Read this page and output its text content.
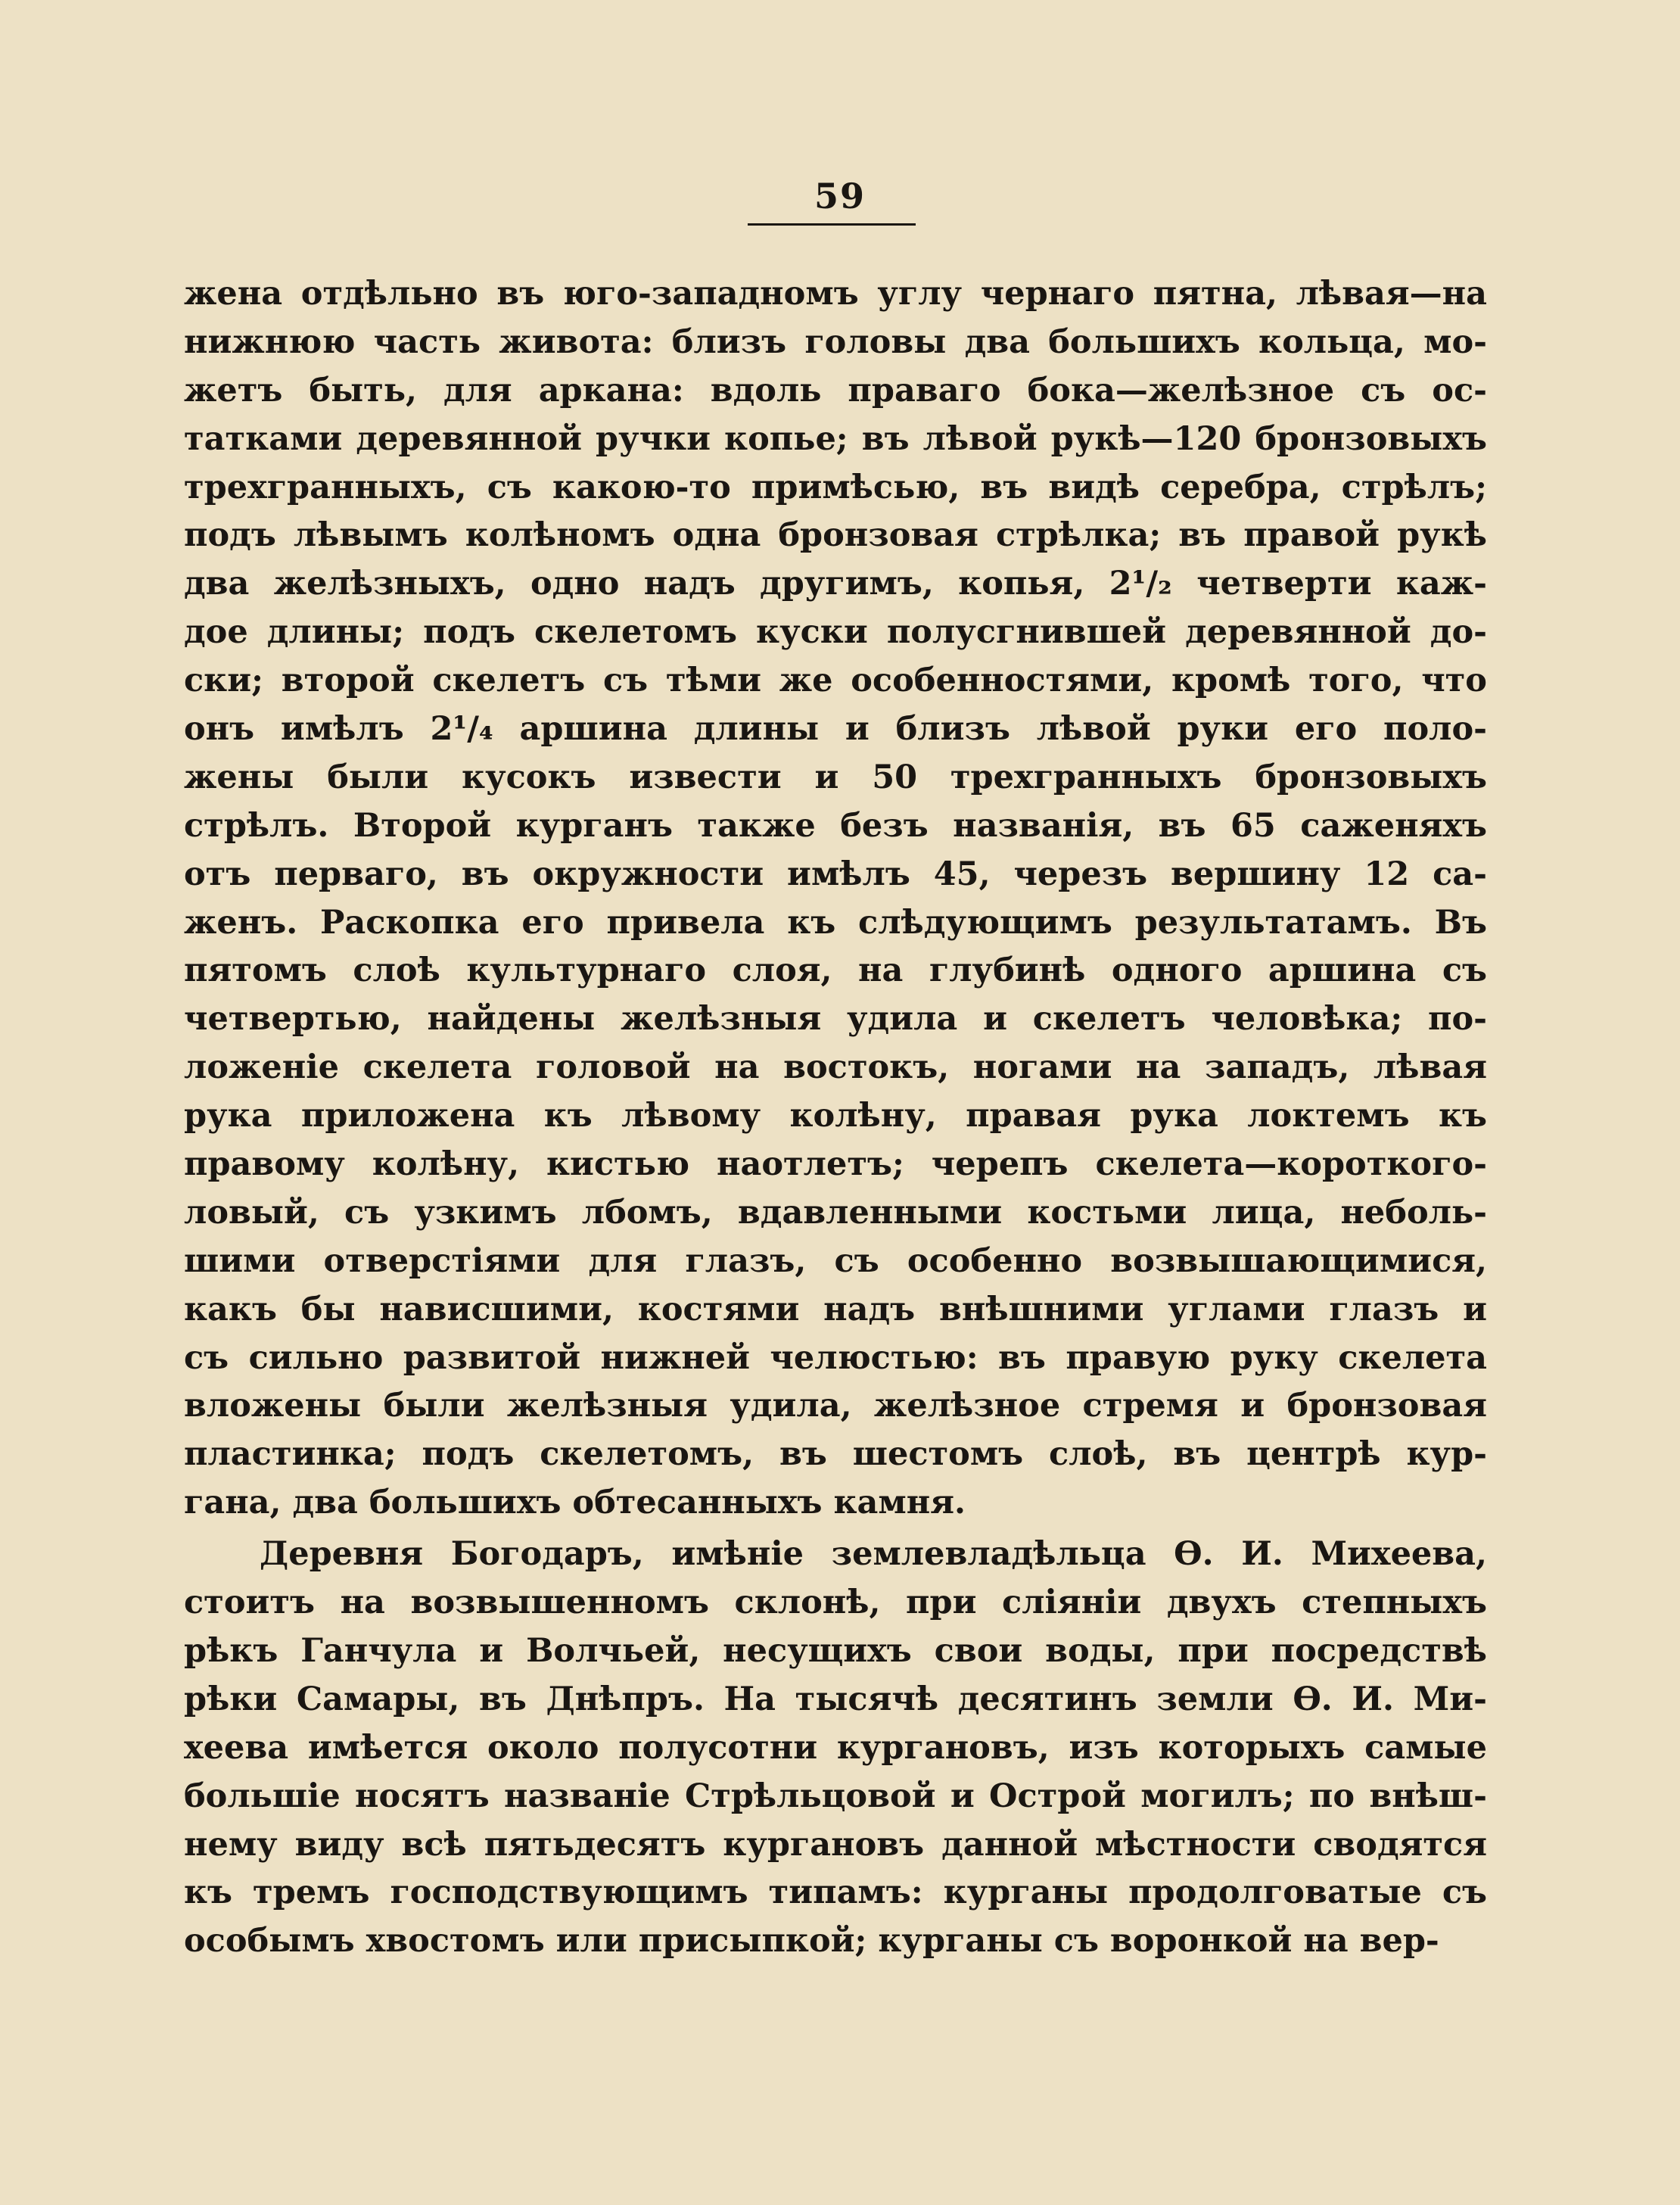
59
жена отдѣльно въ юго-западномъ углу чернаго пятна, лѣвая—на
нижнюю часть живота: близъ головы два большихъ кольца, мо-
жетъ быть, для аркана: вдоль праваго бока—желѣзное съ ос-
татками деревянной ручки копье; въ лѣвой рукѣ—120 бронзовыхъ
трехгранныхъ, съ какою-то примѣсью, въ видѣ серебра, стрѣлъ;
подъ лѣвымъ колѣномъ одна бронзовая стрѣлка; въ правой рукѣ
два желѣзныхъ, одно надъ другимъ, копья, 2¹/₂ четверти каж-
дое длины; подъ скелетомъ куски полусгнившей деревянной до-
ски; второй скелетъ съ тѣми же особенностями, кромѣ того, что
онъ имѣлъ 2¹/₄ аршина длины и близъ лѣвой руки его поло-
жены были кусокъ извести и 50 трехгранныхъ бронзовыхъ
стрѣлъ. Второй курганъ также безъ названія, въ 65 саженяхъ
отъ перваго, въ окружности имѣлъ 45, черезъ вершину 12 са-
женъ. Раскопка его привела къ слѣдующимъ результатамъ. Въ
пятомъ слоѣ культурнаго слоя, на глубинѣ одного аршина съ
четвертью, найдены желѣзныя удила и скелетъ человѣка; по-
ложеніе скелета головой на востокъ, ногами на западъ, лѣвая
рука приложена къ лѣвому колѣну, правая рука локтемъ къ
правому колѣну, кистью наотлетъ; черепъ скелета—короткого-
ловый, съ узкимъ лбомъ, вдавленными костьми лица, неболь-
шими отверстіями для глазъ, съ особенно возвышающимися,
какъ бы нависшими, костями надъ внѣшними углами глазъ и
съ сильно развитой нижней челюстью: въ правую руку скелета
вложены были желѣзныя удила, желѣзное стремя и бронзовая
пластинка; подъ скелетомъ, въ шестомъ слоѣ, въ центрѣ кур-
гана, два большихъ обтесанныхъ камня.
Деревня Богодаръ, имѣніе землевладѣльца Ѳ. И. Михеева,
стоитъ на возвышенномъ склонѣ, при сліяніи двухъ степныхъ
рѣкъ Ганчула и Волчьей, несущихъ свои воды, при посредствѣ
рѣки Самары, въ Днѣпръ. На тысячѣ десятинъ земли Ѳ. И. Ми-
хеева имѣется около полусотни кургановъ, изъ которыхъ самые
большіе носятъ названіе Стрѣльцовой и Острой могилъ; по внѣш-
нему виду всѣ пятьдесятъ кургановъ данной мѣстности сводятся
къ тремъ господствующимъ типамъ: курганы продолговатые съ
особымъ хвостомъ или присыпкой; курганы съ воронкой на вер-
